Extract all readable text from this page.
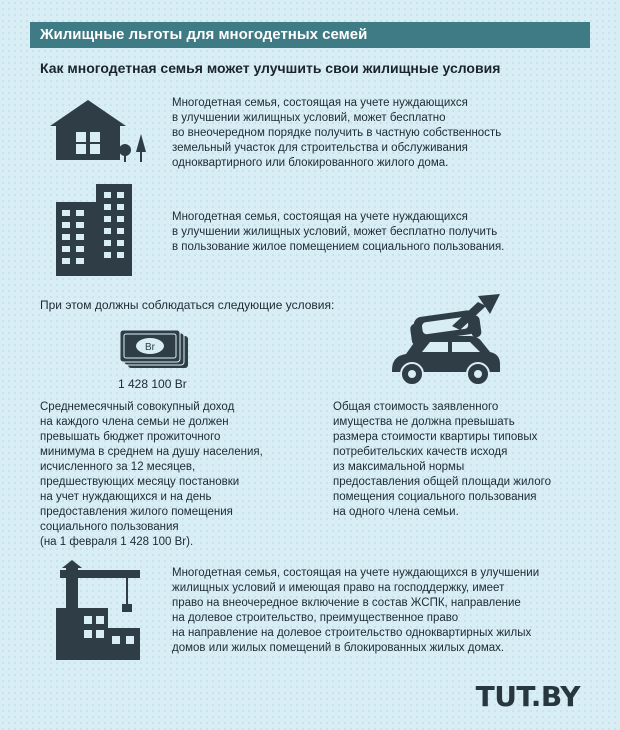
Жилищные льготы для многодетных семей
Как многодетная семья может улучшить свои жилищные условия
Многодетная семья, состоящая на учете нуждающихся
в улучшении жилищных условий, может бесплатно
во внеочередном порядке получить в частную собственность
земельный участок для строительства и обслуживания
одноквартирного или блокированного жилого дома.
Многодетная семья, состоящая на учете нуждающихся
в улучшении жилищных условий, может бесплатно получить
в пользование жилое помещением социального пользования.
При этом должны соблюдаться следующие условия:
Br
1 428 100 Br
Среднемесячный совокупный доход
на каждого члена семьи не должен
превышать бюджет прожиточного
минимума в среднем на душу населения,
исчисленного за 12 месяцев,
предшествующих месяцу постановки
на учет нуждающихся и на день
предоставления жилого помещения
социального пользования
(на 1 февраля 1 428 100 Br).
Общая стоимость заявленного
имущества не должна превышать
размера стоимости квартиры типовых
потребительских качеств исходя
из максимальной нормы
предоставления общей площади жилого
помещения социального пользования
на одного члена семьи.
Многодетная семья, состоящая на учете нуждающихся в улучшении
жилищных условий и имеющая право на господдержку, имеет
право на внеочередное включение в состав ЖСПК, направление
на долевое строительство, преимущественное право
на направление на долевое строительство одноквартирных жилых
домов или жилых помещений в блокированных жилых домах.
TUT.BY
